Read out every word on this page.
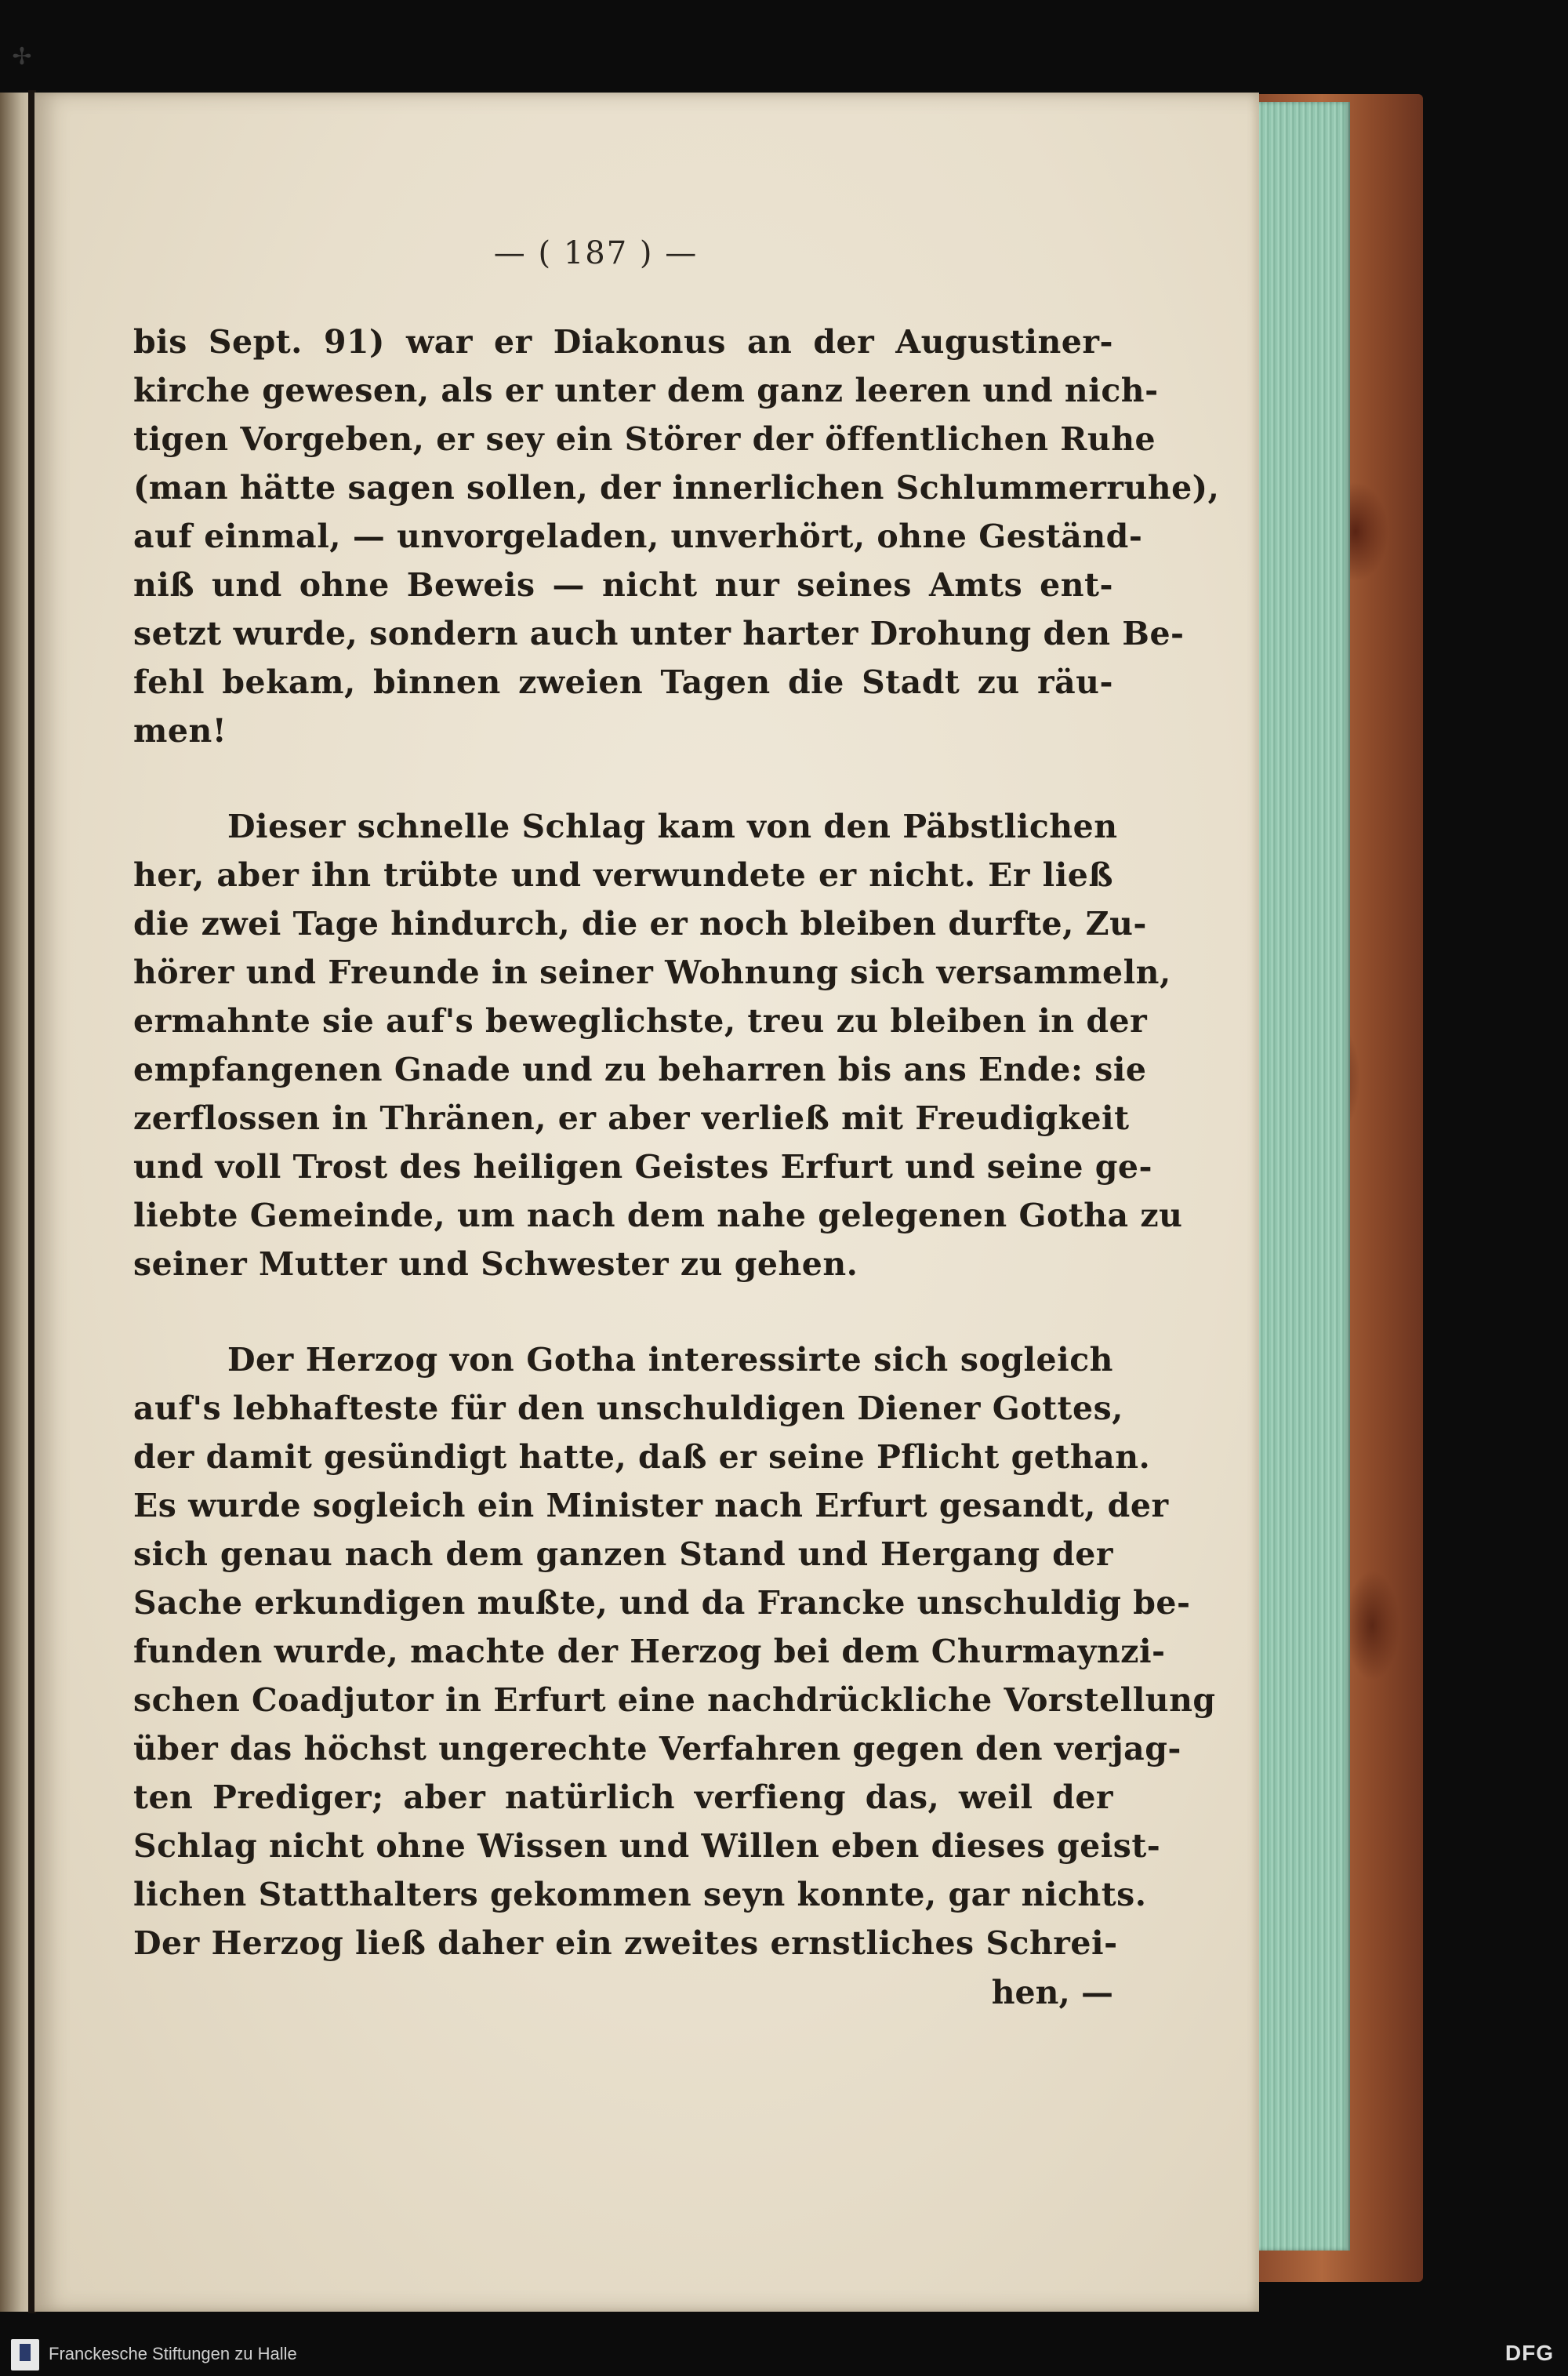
✢
— ( 187 ) —
bis Sept. 91) war er Diakonus an der Augustiner-
kirche gewesen, als er unter dem ganz leeren und nich-
tigen Vorgeben, er sey ein Störer der öffentlichen Ruhe
(man hätte sagen sollen, der innerlichen Schlummerruhe),
auf einmal, — unvorgeladen, unverhört, ohne Geständ-
niß und ohne Beweis — nicht nur seines Amts ent-
setzt wurde, sondern auch unter harter Drohung den Be-
fehl bekam, binnen zweien Tagen die Stadt zu räu-
men!
Dieser schnelle Schlag kam von den Päbstlichen
her, aber ihn trübte und verwundete er nicht. Er ließ
die zwei Tage hindurch, die er noch bleiben durfte, Zu-
hörer und Freunde in seiner Wohnung sich versammeln,
ermahnte sie auf's beweglichste, treu zu bleiben in der
empfangenen Gnade und zu beharren bis ans Ende: sie
zerflossen in Thränen, er aber verließ mit Freudigkeit
und voll Trost des heiligen Geistes Erfurt und seine ge-
liebte Gemeinde, um nach dem nahe gelegenen Gotha zu
seiner Mutter und Schwester zu gehen.
Der Herzog von Gotha interessirte sich sogleich
auf's lebhafteste für den unschuldigen Diener Gottes,
der damit gesündigt hatte, daß er seine Pflicht gethan.
Es wurde sogleich ein Minister nach Erfurt gesandt, der
sich genau nach dem ganzen Stand und Hergang der
Sache erkundigen mußte, und da Francke unschuldig be-
funden wurde, machte der Herzog bei dem Churmaynzi-
schen Coadjutor in Erfurt eine nachdrückliche Vorstellung
über das höchst ungerechte Verfahren gegen den verjag-
ten Prediger; aber natürlich verfieng das, weil der
Schlag nicht ohne Wissen und Willen eben dieses geist-
lichen Statthalters gekommen seyn konnte, gar nichts.
Der Herzog ließ daher ein zweites ernstliches Schrei-
hen, —
Franckesche Stiftungen zu Halle	DFG
